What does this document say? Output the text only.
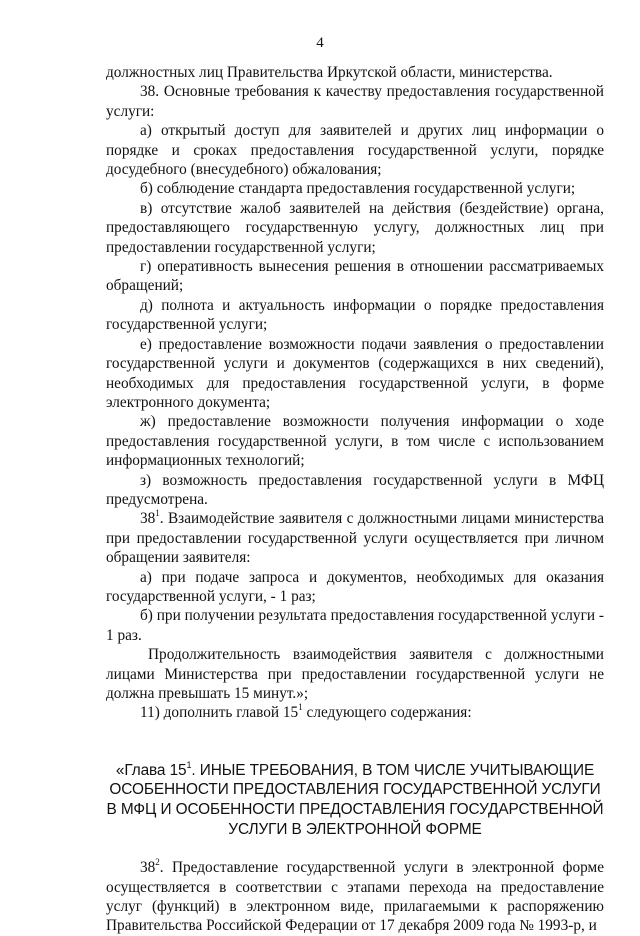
4

должностных лиц Правительства Иркутской области, министерства.

38. Основные требования к качеству предоставления государственной услуги:

а) открытый доступ для заявителей и других лиц информации о порядке и сроках предоставления государственной услуги, порядке досудебного (внесудебного) обжалования;

б) соблюдение стандарта предоставления государственной услуги;

в) отсутствие жалоб заявителей на действия (бездействие) органа, предоставляющего государственную услугу, должностных лиц при предоставлении государственной услуги;

г) оперативность вынесения решения в отношении рассматриваемых обращений;

д) полнота и актуальность информации о порядке предоставления государственной услуги;

е) предоставление возможности подачи заявления о предоставлении государственной услуги и документов (содержащихся в них сведений), необходимых для предоставления государственной услуги, в форме электронного документа;

ж) предоставление возможности получения информации о ходе предоставления государственной услуги, в том числе с использованием информационных технологий;

з) возможность предоставления государственной услуги в МФЦ предусмотрена.

$38^1$. Взаимодействие заявителя с должностными лицами министерства при предоставлении государственной услуги осуществляется при личном обращении заявителя:

а) при подаче запроса и документов, необходимых для оказания государственной услуги, - 1 раз;

б) при получении результата предоставления государственной услуги - 1 раз.

Продолжительность взаимодействия заявителя с должностными лицами Министерства при предоставлении государственной услуги не должна превышать 15 минут.»;

11) дополнить главой $15^1$ следующего содержания:

«Глава $15^1$. ИНЫЕ ТРЕБОВАНИЯ, В ТОМ ЧИСЛЕ УЧИТЫВАЮЩИЕ ОСОБЕННОСТИ ПРЕДОСТАВЛЕНИЯ ГОСУДАРСТВЕННОЙ УСЛУГИ В МФЦ И ОСОБЕННОСТИ ПРЕДОСТАВЛЕНИЯ ГОСУДАРСТВЕННОЙ УСЛУГИ В ЭЛЕКТРОННОЙ ФОРМЕ

$38^2$. Предоставление государственной услуги в электронной форме осуществляется в соответствии с этапами перехода на предоставление услуг (функций) в электронном виде, прилагаемыми к распоряжению Правительства Российской Федерации от 17 декабря 2009 года № 1993-р, и
